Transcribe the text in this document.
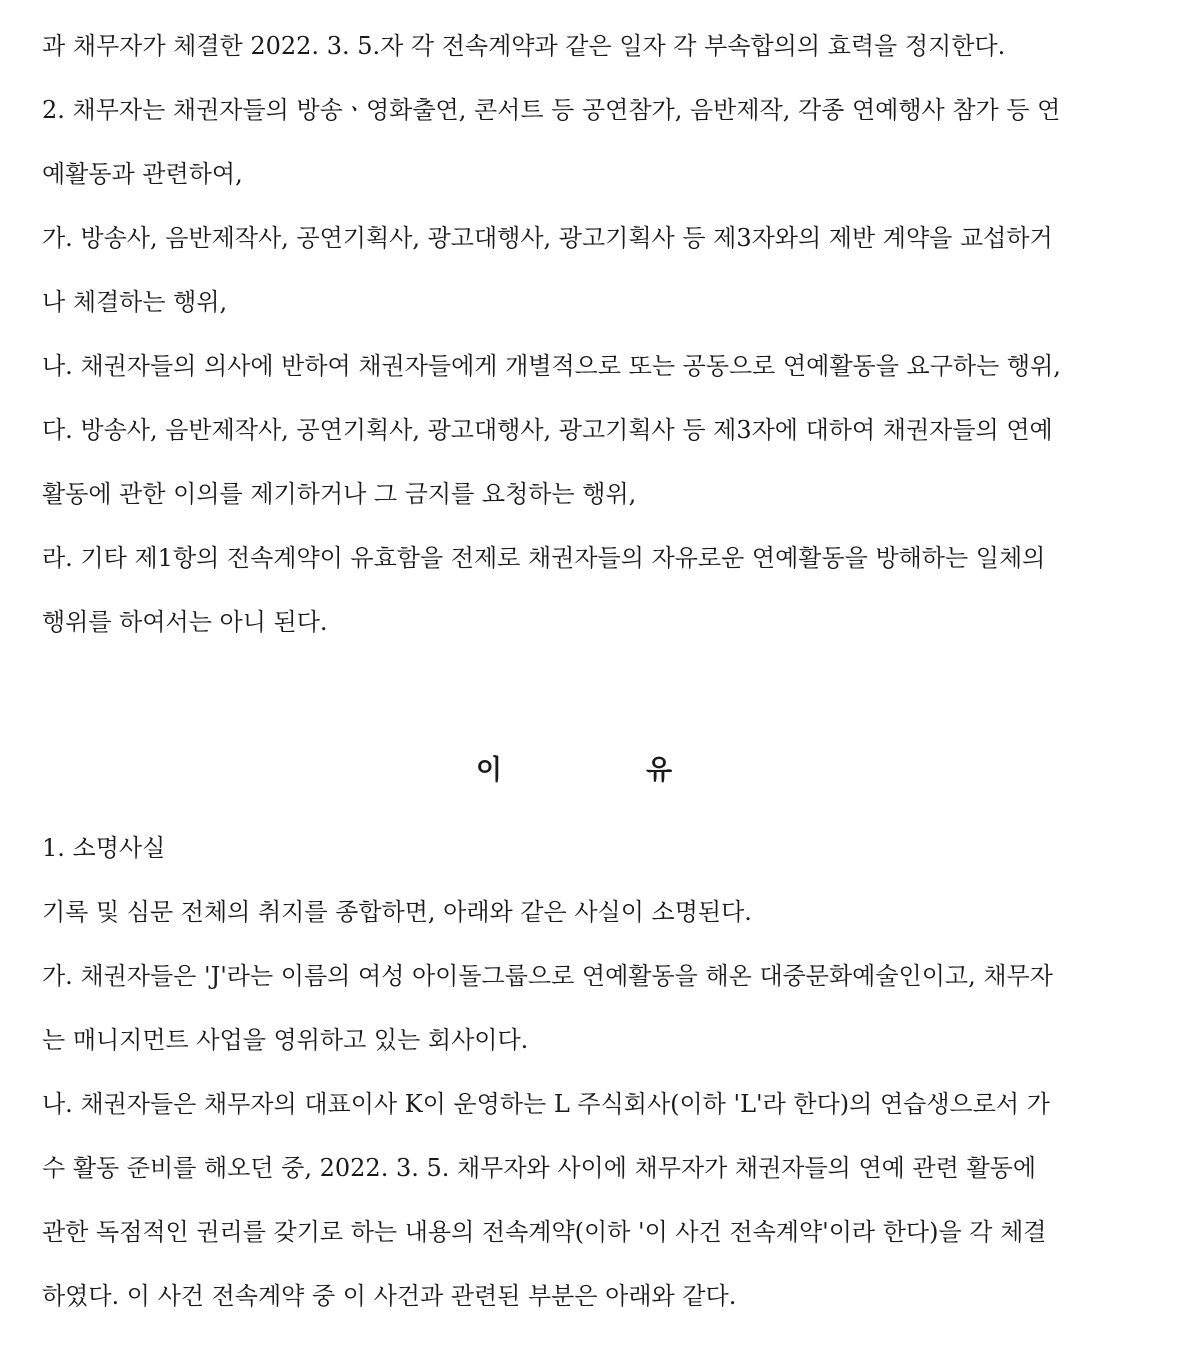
과 채무자가 체결한 2022. 3. 5.자 각 전속계약과 같은 일자 각 부속합의의 효력을 정지한다.
2. 채무자는 채권자들의 방송ㆍ영화출연, 콘서트 등 공연참가, 음반제작, 각종 연예행사 참가 등 연
예활동과 관련하여,
가. 방송사, 음반제작사, 공연기획사, 광고대행사, 광고기획사 등 제3자와의 제반 계약을 교섭하거
나 체결하는 행위,
나. 채권자들의 의사에 반하여 채권자들에게 개별적으로 또는 공동으로 연예활동을 요구하는 행위,
다. 방송사, 음반제작사, 공연기획사, 광고대행사, 광고기획사 등 제3자에 대하여 채권자들의 연예
활동에 관한 이의를 제기하거나 그 금지를 요청하는 행위,
라. 기타 제1항의 전속계약이 유효함을 전제로 채권자들의 자유로운 연예활동을 방해하는 일체의
행위를 하여서는 아니 된다.
이	유
1. 소명사실
기록 및 심문 전체의 취지를 종합하면, 아래와 같은 사실이 소명된다.
가. 채권자들은 'J'라는 이름의 여성 아이돌그룹으로 연예활동을 해온 대중문화예술인이고, 채무자
는 매니지먼트 사업을 영위하고 있는 회사이다.
나. 채권자들은 채무자의 대표이사 K이 운영하는 L 주식회사(이하 'L'라 한다)의 연습생으로서 가
수 활동 준비를 해오던 중, 2022. 3. 5. 채무자와 사이에 채무자가 채권자들의 연예 관련 활동에
관한 독점적인 권리를 갖기로 하는 내용의 전속계약(이하 '이 사건 전속계약'이라 한다)을 각 체결
하였다. 이 사건 전속계약 중 이 사건과 관련된 부분은 아래와 같다.
